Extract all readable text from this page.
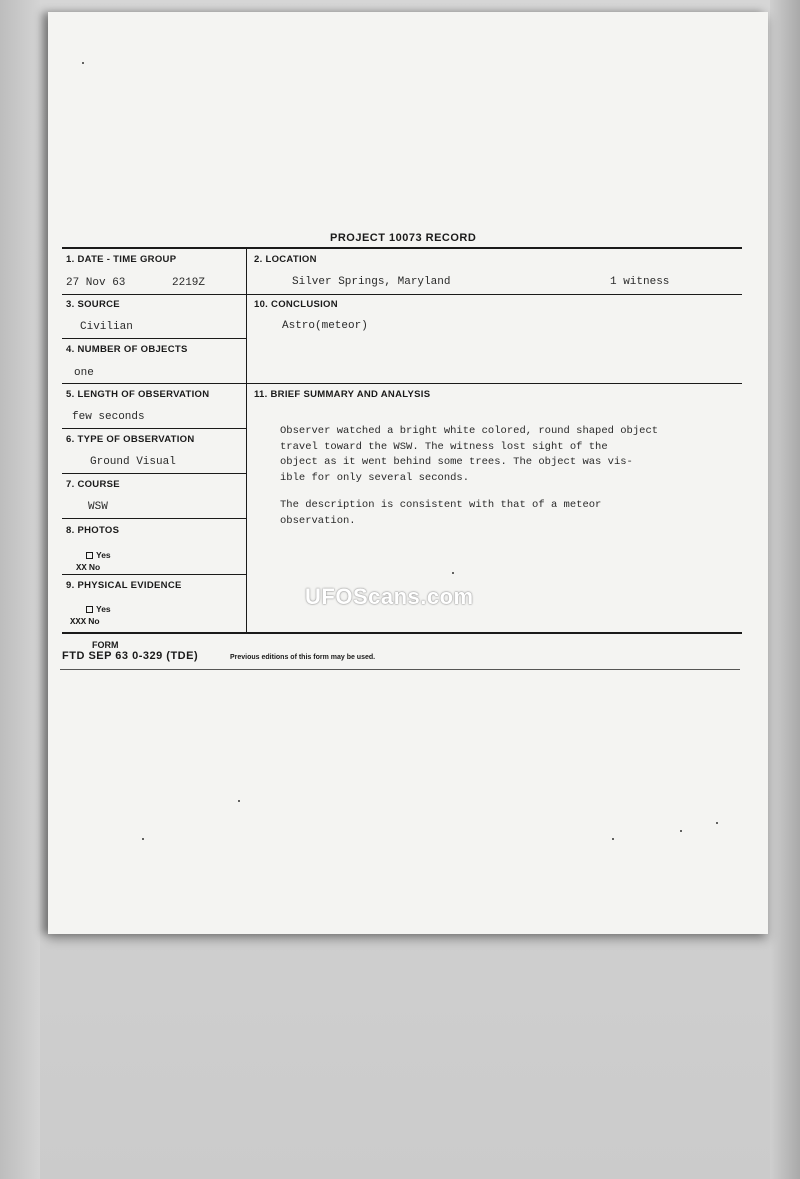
PROJECT 10073 RECORD
1. DATE - TIME GROUP
27 Nov 63	2219Z
2. LOCATION
Silver Springs, Maryland	1 witness
3. SOURCE
Civilian
10. CONCLUSION
Astro(meteor)
4. NUMBER OF OBJECTS
one
5. LENGTH OF OBSERVATION
few seconds
11. BRIEF SUMMARY AND ANALYSIS
Observer watched a bright white colored, round shaped object
travel toward the WSW. The witness lost sight of the
object as it went behind some trees. The object was vis-
ible for only several seconds.
The description is consistent with that of a meteor
observation.
6. TYPE OF OBSERVATION
Ground Visual
7. COURSE
WSW
8. PHOTOS
Yes
XX No
9. PHYSICAL EVIDENCE
Yes
XXX No
UFOScans.com
FORM
FTD SEP 63 0-329 (TDE)	Previous editions of this form may be used.
